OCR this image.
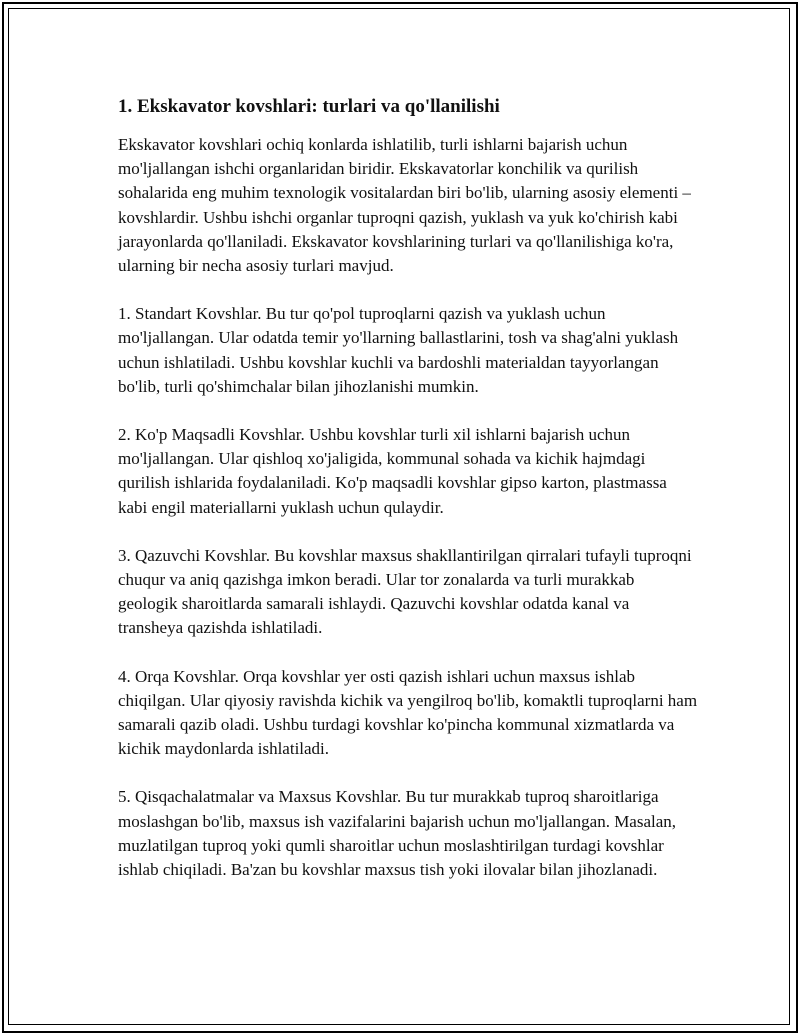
1. Ekskavator kovshlari: turlari va qo'llanilishi

Ekskavator kovshlari ochiq konlarda ishlatilib, turli ishlarni bajarish uchun mo'ljallangan ishchi organlaridan biridir. Ekskavatorlar konchilik va qurilish sohalarida eng muhim texnologik vositalardan biri bo'lib, ularning asosiy elementi – kovshlardir. Ushbu ishchi organlar tuproqni qazish, yuklash va yuk ko'chirish kabi jarayonlarda qo'llaniladi. Ekskavator kovshlarining turlari va qo'llanilishiga ko'ra, ularning bir necha asosiy turlari mavjud.

1. Standart Kovshlar. Bu tur qo'pol tuproqlarni qazish va yuklash uchun mo'ljallangan. Ular odatda temir yo'llarning ballastlarini, tosh va shag'alni yuklash uchun ishlatiladi. Ushbu kovshlar kuchli va bardoshli materialdan tayyorlangan bo'lib, turli qo'shimchalar bilan jihozlanishi mumkin.

2. Ko'p Maqsadli Kovshlar. Ushbu kovshlar turli xil ishlarni bajarish uchun mo'ljallangan. Ular qishloq xo'jaligida, kommunal sohada va kichik hajmdagi qurilish ishlarida foydalaniladi. Ko'p maqsadli kovshlar gipso karton, plastmassa kabi engil materiallarni yuklash uchun qulaydir.

3. Qazuvchi Kovshlar. Bu kovshlar maxsus shakllantirilgan qirralari tufayli tuproqni chuqur va aniq qazishga imkon beradi. Ular tor zonalarda va turli murakkab geologik sharoitlarda samarali ishlaydi. Qazuvchi kovshlar odatda kanal va transheya qazishda ishlatiladi.

4. Orqa Kovshlar. Orqa kovshlar yer osti qazish ishlari uchun maxsus ishlab chiqilgan. Ular qiyosiy ravishda kichik va yengilroq bo'lib, komaktli tuproqlarni ham samarali qazib oladi. Ushbu turdagi kovshlar ko'pincha kommunal xizmatlarda va kichik maydonlarda ishlatiladi.

5. Qisqachalatmalar va Maxsus Kovshlar. Bu tur murakkab tuproq sharoitlariga moslashgan bo'lib, maxsus ish vazifalarini bajarish uchun mo'ljallangan. Masalan, muzlatilgan tuproq yoki qumli sharoitlar uchun moslashtirilgan turdagi kovshlar ishlab chiqiladi. Ba'zan bu kovshlar maxsus tish yoki ilovalar bilan jihozlanadi.
